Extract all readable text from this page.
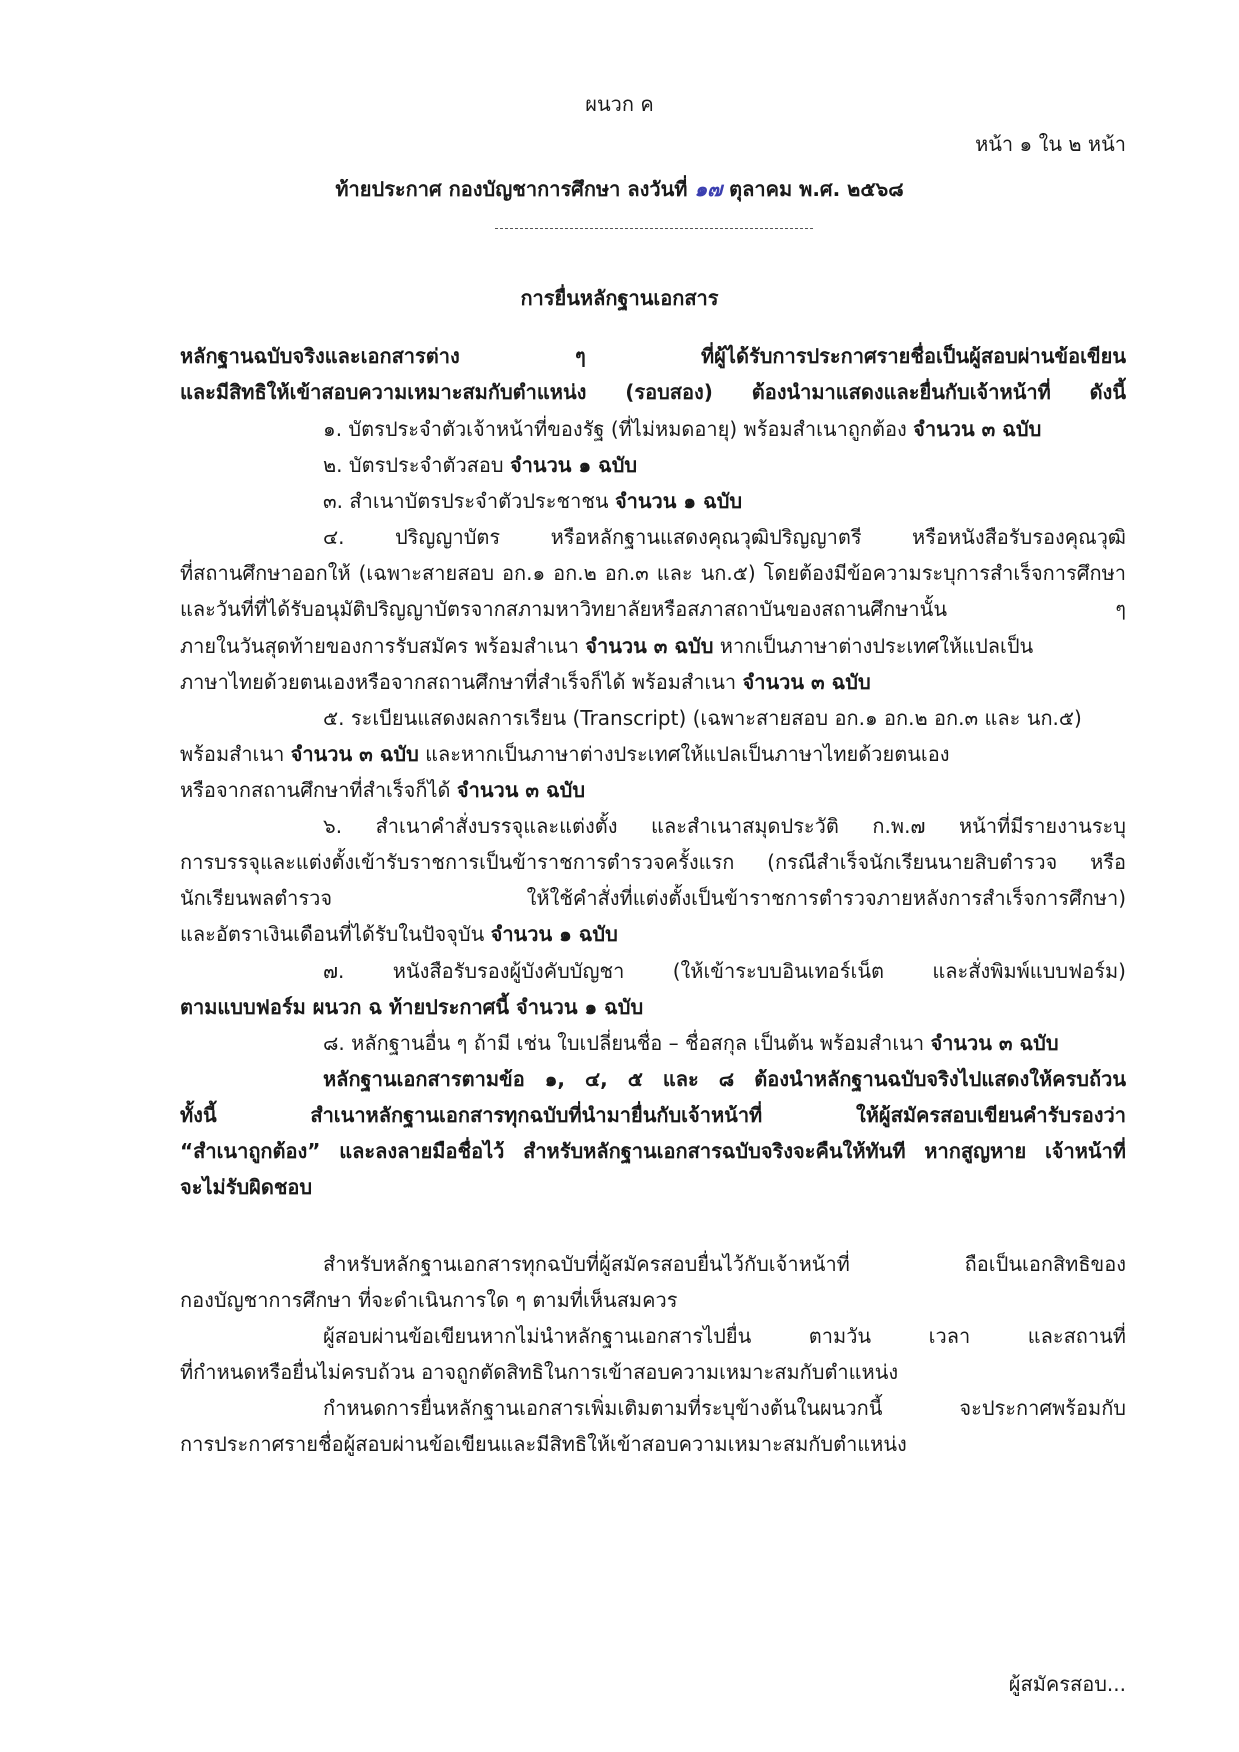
ผนวก ค
หน้า ๑ ใน ๒ หน้า
ท้ายประกาศ กองบัญชาการศึกษา ลงวันที่ ๑๗ ตุลาคม พ.ศ. ๒๕๖๘
การยื่นหลักฐานเอกสาร
หลักฐานฉบับจริงและเอกสารต่าง ๆ ที่ผู้ได้รับการประกาศรายชื่อเป็นผู้สอบผ่านข้อเขียน
และมีสิทธิให้เข้าสอบความเหมาะสมกับตำแหน่ง (รอบสอง) ต้องนำมาแสดงและยื่นกับเจ้าหน้าที่ ดังนี้
๑. บัตรประจำตัวเจ้าหน้าที่ของรัฐ (ที่ไม่หมดอายุ) พร้อมสำเนาถูกต้อง จำนวน ๓ ฉบับ
๒. บัตรประจำตัวสอบ จำนวน ๑ ฉบับ
๓. สำเนาบัตรประจำตัวประชาชน จำนวน ๑ ฉบับ
๔. ปริญญาบัตร หรือหลักฐานแสดงคุณวุฒิปริญญาตรี หรือหนังสือรับรองคุณวุฒิ
ที่สถานศึกษาออกให้ (เฉพาะสายสอบ อก.๑ อก.๒ อก.๓ และ นก.๕) โดยต้องมีข้อความระบุการสำเร็จการศึกษา
และวันที่ที่ได้รับอนุมัติปริญญาบัตรจากสภามหาวิทยาลัยหรือสภาสถาบันของสถานศึกษานั้น ๆ
ภายในวันสุดท้ายของการรับสมัคร พร้อมสำเนา จำนวน ๓ ฉบับ หากเป็นภาษาต่างประเทศให้แปลเป็น
ภาษาไทยด้วยตนเองหรือจากสถานศึกษาที่สำเร็จก็ได้ พร้อมสำเนา จำนวน ๓ ฉบับ
๕. ระเบียนแสดงผลการเรียน (Transcript) (เฉพาะสายสอบ อก.๑ อก.๒ อก.๓ และ นก.๕)
พร้อมสำเนา จำนวน ๓ ฉบับ และหากเป็นภาษาต่างประเทศให้แปลเป็นภาษาไทยด้วยตนเอง
หรือจากสถานศึกษาที่สำเร็จก็ได้ จำนวน ๓ ฉบับ
๖. สำเนาคำสั่งบรรจุและแต่งตั้ง และสำเนาสมุดประวัติ ก.พ.๗ หน้าที่มีรายงานระบุ
การบรรจุและแต่งตั้งเข้ารับราชการเป็นข้าราชการตำรวจครั้งแรก (กรณีสำเร็จนักเรียนนายสิบตำรวจ หรือ
นักเรียนพลตำรวจ ให้ใช้คำสั่งที่แต่งตั้งเป็นข้าราชการตำรวจภายหลังการสำเร็จการศึกษา)
และอัตราเงินเดือนที่ได้รับในปัจจุบัน จำนวน ๑ ฉบับ
๗. หนังสือรับรองผู้บังคับบัญชา (ให้เข้าระบบอินเทอร์เน็ต และสั่งพิมพ์แบบฟอร์ม)
ตามแบบฟอร์ม ผนวก ฉ ท้ายประกาศนี้ จำนวน ๑ ฉบับ
๘. หลักฐานอื่น ๆ ถ้ามี เช่น ใบเปลี่ยนชื่อ – ชื่อสกุล เป็นต้น พร้อมสำเนา จำนวน ๓ ฉบับ
หลักฐานเอกสารตามข้อ ๑, ๔, ๕ และ ๘ ต้องนำหลักฐานฉบับจริงไปแสดงให้ครบถ้วน
ทั้งนี้ สำเนาหลักฐานเอกสารทุกฉบับที่นำมายื่นกับเจ้าหน้าที่ ให้ผู้สมัครสอบเขียนคำรับรองว่า
“สำเนาถูกต้อง” และลงลายมือชื่อไว้ สำหรับหลักฐานเอกสารฉบับจริงจะคืนให้ทันที หากสูญหาย เจ้าหน้าที่
จะไม่รับผิดชอบ
สำหรับหลักฐานเอกสารทุกฉบับที่ผู้สมัครสอบยื่นไว้กับเจ้าหน้าที่ ถือเป็นเอกสิทธิของ
กองบัญชาการศึกษา ที่จะดำเนินการใด ๆ ตามที่เห็นสมควร
ผู้สอบผ่านข้อเขียนหากไม่นำหลักฐานเอกสารไปยื่น ตามวัน เวลา และสถานที่
ที่กำหนดหรือยื่นไม่ครบถ้วน อาจถูกตัดสิทธิในการเข้าสอบความเหมาะสมกับตำแหน่ง
กำหนดการยื่นหลักฐานเอกสารเพิ่มเติมตามที่ระบุข้างต้นในผนวกนี้ จะประกาศพร้อมกับ
การประกาศรายชื่อผู้สอบผ่านข้อเขียนและมีสิทธิให้เข้าสอบความเหมาะสมกับตำแหน่ง
ผู้สมัครสอบ...
